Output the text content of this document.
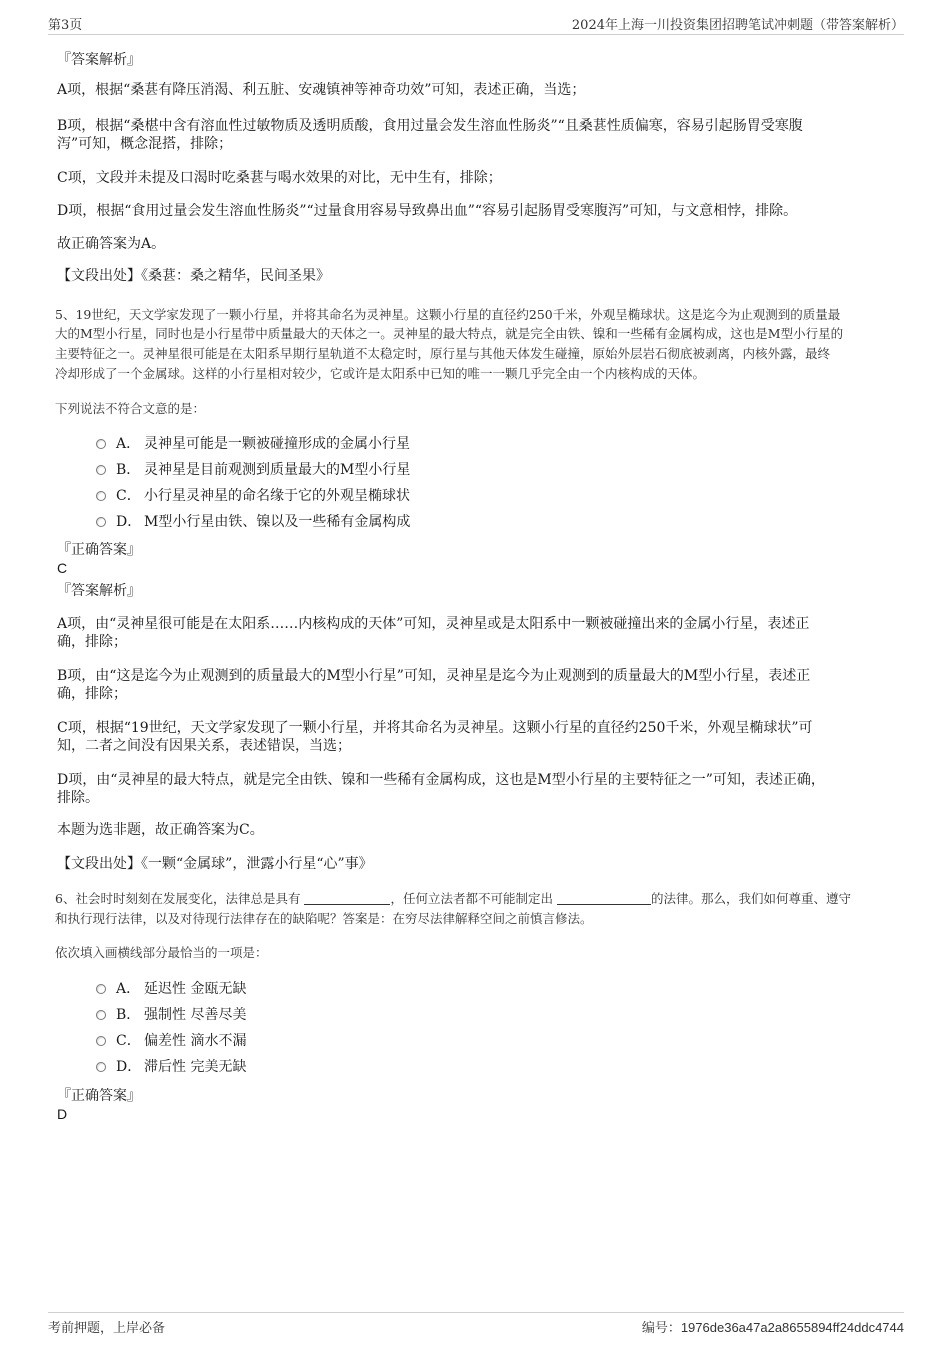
第3页	2024年上海一川投资集团招聘笔试冲刺题（带答案解析）
『答案解析』
A项，根据“桑葚有降压消渴、利五脏、安魂镇神等神奇功效”可知，表述正确，当选；
B项，根据“桑椹中含有溶血性过敏物质及透明质酸，食用过量会发生溶血性肠炎”“且桑葚性质偏寒，容易引起肠胃受寒腹
泻”可知，概念混搭，排除；
C项，文段并未提及口渴时吃桑葚与喝水效果的对比，无中生有，排除；
D项，根据“食用过量会发生溶血性肠炎”“过量食用容易导致鼻出血”“容易引起肠胃受寒腹泻”可知，与文意相悖，排除。
故正确答案为A。
【文段出处】《桑葚：桑之精华，民间圣果》
5、19世纪，天文学家发现了一颗小行星，并将其命名为灵神星。这颗小行星的直径约250千米，外观呈椭球状。这是迄今为止观测到的质量最
大的M型小行星，同时也是小行星带中质量最大的天体之一。灵神星的最大特点，就是完全由铁、镍和一些稀有金属构成，这也是M型小行星的
主要特征之一。灵神星很可能是在太阳系早期行星轨道不太稳定时，原行星与其他天体发生碰撞，原始外层岩石彻底被剥离，内核外露，最终
冷却形成了一个金属球。这样的小行星相对较少，它或许是太阳系中已知的唯一一颗几乎完全由一个内核构成的天体。
下列说法不符合文意的是：
A． 灵神星可能是一颗被碰撞形成的金属小行星
B． 灵神星是目前观测到质量最大的M型小行星
C． 小行星灵神星的命名缘于它的外观呈椭球状
D． M型小行星由铁、镍以及一些稀有金属构成
『正确答案』
C
『答案解析』
A项，由“灵神星很可能是在太阳系……内核构成的天体”可知，灵神星或是太阳系中一颗被碰撞出来的金属小行星，表述正
确，排除；
B项，由“这是迄今为止观测到的质量最大的M型小行星”可知，灵神星是迄今为止观测到的质量最大的M型小行星，表述正
确，排除；
C项，根据“19世纪，天文学家发现了一颗小行星，并将其命名为灵神星。这颗小行星的直径约250千米，外观呈椭球状”可
知，二者之间没有因果关系，表述错误，当选；
D项，由“灵神星的最大特点，就是完全由铁、镍和一些稀有金属构成，这也是M型小行星的主要特征之一”可知，表述正确，
排除。
本题为选非题，故正确答案为C。
【文段出处】《一颗“金属球”，泄露小行星“心”事》
6、社会时时刻刻在发展变化，法律总是具有	，任何立法者都不可能制定出	的法律。那么，我们如何尊重、遵守
和执行现行法律，以及对待现行法律存在的缺陷呢？答案是：在穷尽法律解释空间之前慎言修法。
依次填入画横线部分最恰当的一项是：
A． 延迟性 金瓯无缺
B． 强制性 尽善尽美
C． 偏差性 滴水不漏
D． 滞后性 完美无缺
『正确答案』
D
考前押题，上岸必备	编号：1976de36a47a2a8655894ff24ddc4744
